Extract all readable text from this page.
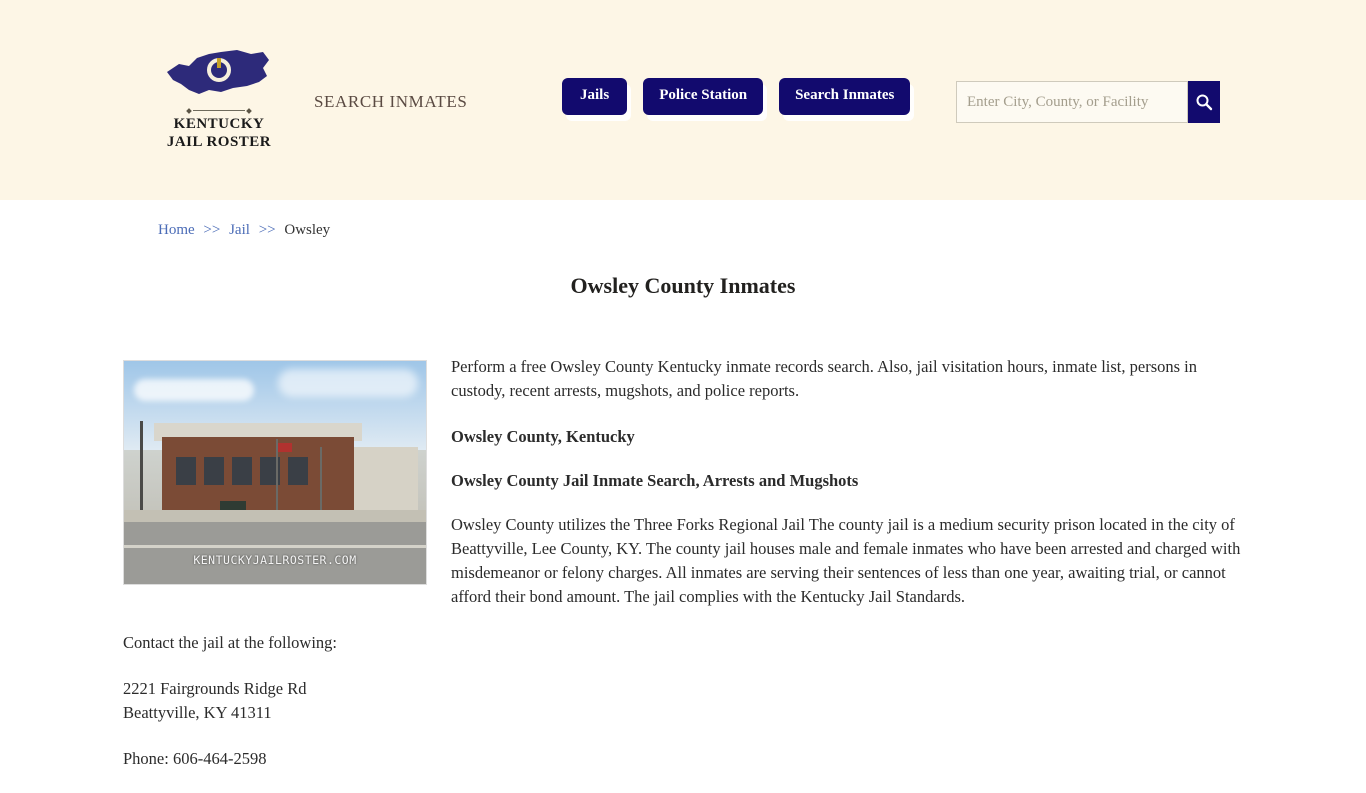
KENTUCKY
JAIL ROSTER
SEARCH INMATES	Jails	Police Station	Search Inmates
Enter City, County, or Facility
Home >> Jail >> Owsley
Owsley County Inmates
KENTUCKYJAILROSTER.COM

Perform a free Owsley County Kentucky inmate records search. Also, jail visitation hours, inmate list, persons in custody, recent arrests, mugshots, and police reports.

Owsley County, Kentucky

Owsley County Jail Inmate Search, Arrests and Mugshots

Owsley County utilizes the Three Forks Regional Jail The county jail is a medium security prison located in the city of Beattyville, Lee County, KY. The county jail houses male and female inmates who have been arrested and charged with misdemeanor or felony charges. All inmates are serving their sentences of less than one year, awaiting trial, or cannot afford their bond amount. The jail complies with the Kentucky Jail Standards.

Contact the jail at the following:

2221 Fairgrounds Ridge Rd
Beattyville, KY 41311

Phone: 606-464-2598
